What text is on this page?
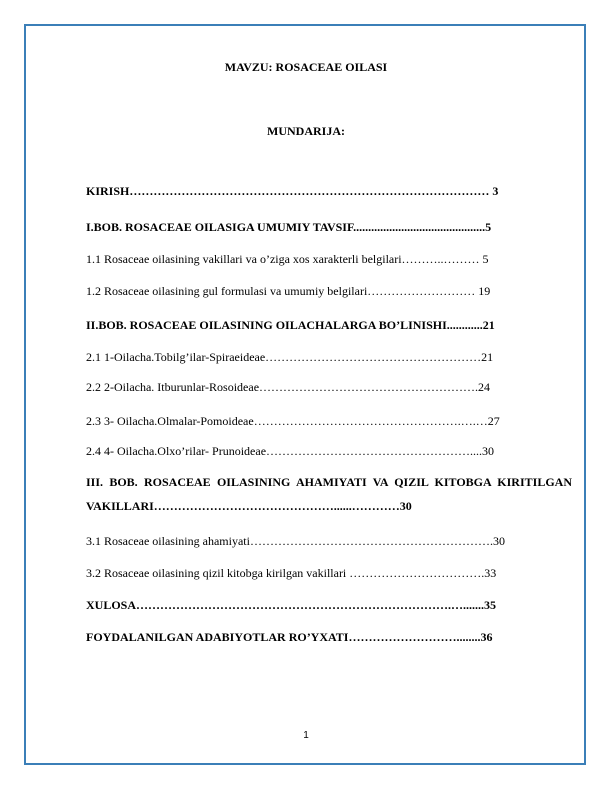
MAVZU: ROSACEAE OILASI
MUNDARIJA:
KIRISH……………………………………………………………………………… 3
I.BOB. ROSACEAE OILASIGA UMUMIY TAVSIF............................................5
1.1 Rosaceae oilasining vakillari va o’ziga xos xarakterli belgilari………..……… 5
1.2 Rosaceae oilasining gul formulasi va umumiy belgilari……………………… 19
II.BOB. ROSACEAE OILASINING OILACHALARGA BO’LINISHI............21
2.1 1-Oilacha.Tobilg’ilar-Spiraeideae………………………………………………21
2.2 2-Oilacha. Itburunlar-Rosoideae……………………………………………….24
2.3 3- Oilacha.Olmalar-Pomoideae…………………………………………….….…27
2.4 4- Oilacha.Olxo’rilar- Prunoideae……………………………………………....30
III. BOB. ROSACEAE OILASINING AHAMIYATI VA QIZIL KITOBGA KIRITILGAN VAKILLARI………………………………………......…………30
3.1 Rosaceae oilasining ahamiyati…………………………………………………….30
3.2 Rosaceae oilasining qizil kitobga kirilgan vakillari …………………………….33
XULOSA…………………………………………………………………….….......35
FOYDALANILGAN ADABIYOTLAR RO’YXATI………………………........36
1
